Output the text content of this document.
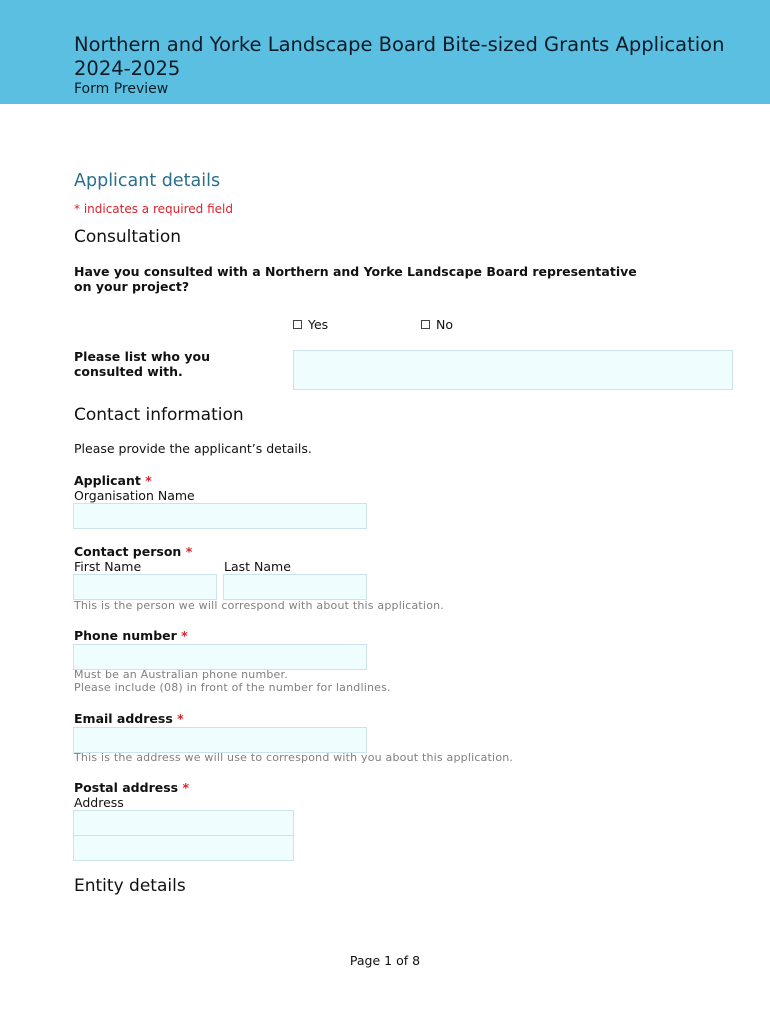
Northern and Yorke Landscape Board Bite-sized Grants Application
2024-2025
Form Preview
Applicant details
* indicates a required field
Consultation
Have you consulted with a Northern and Yorke Landscape Board representative
on your project?
Yes	No
Please list who you
consulted with.
Contact information
Please provide the applicant’s details.
Applicant *
Organisation Name
Contact person *
First Name	Last Name
This is the person we will correspond with about this application.
Phone number *
Must be an Australian phone number.
Please include (08) in front of the number for landlines.
Email address *
This is the address we will use to correspond with you about this application.
Postal address *
Address
Entity details
Page 1 of 8
